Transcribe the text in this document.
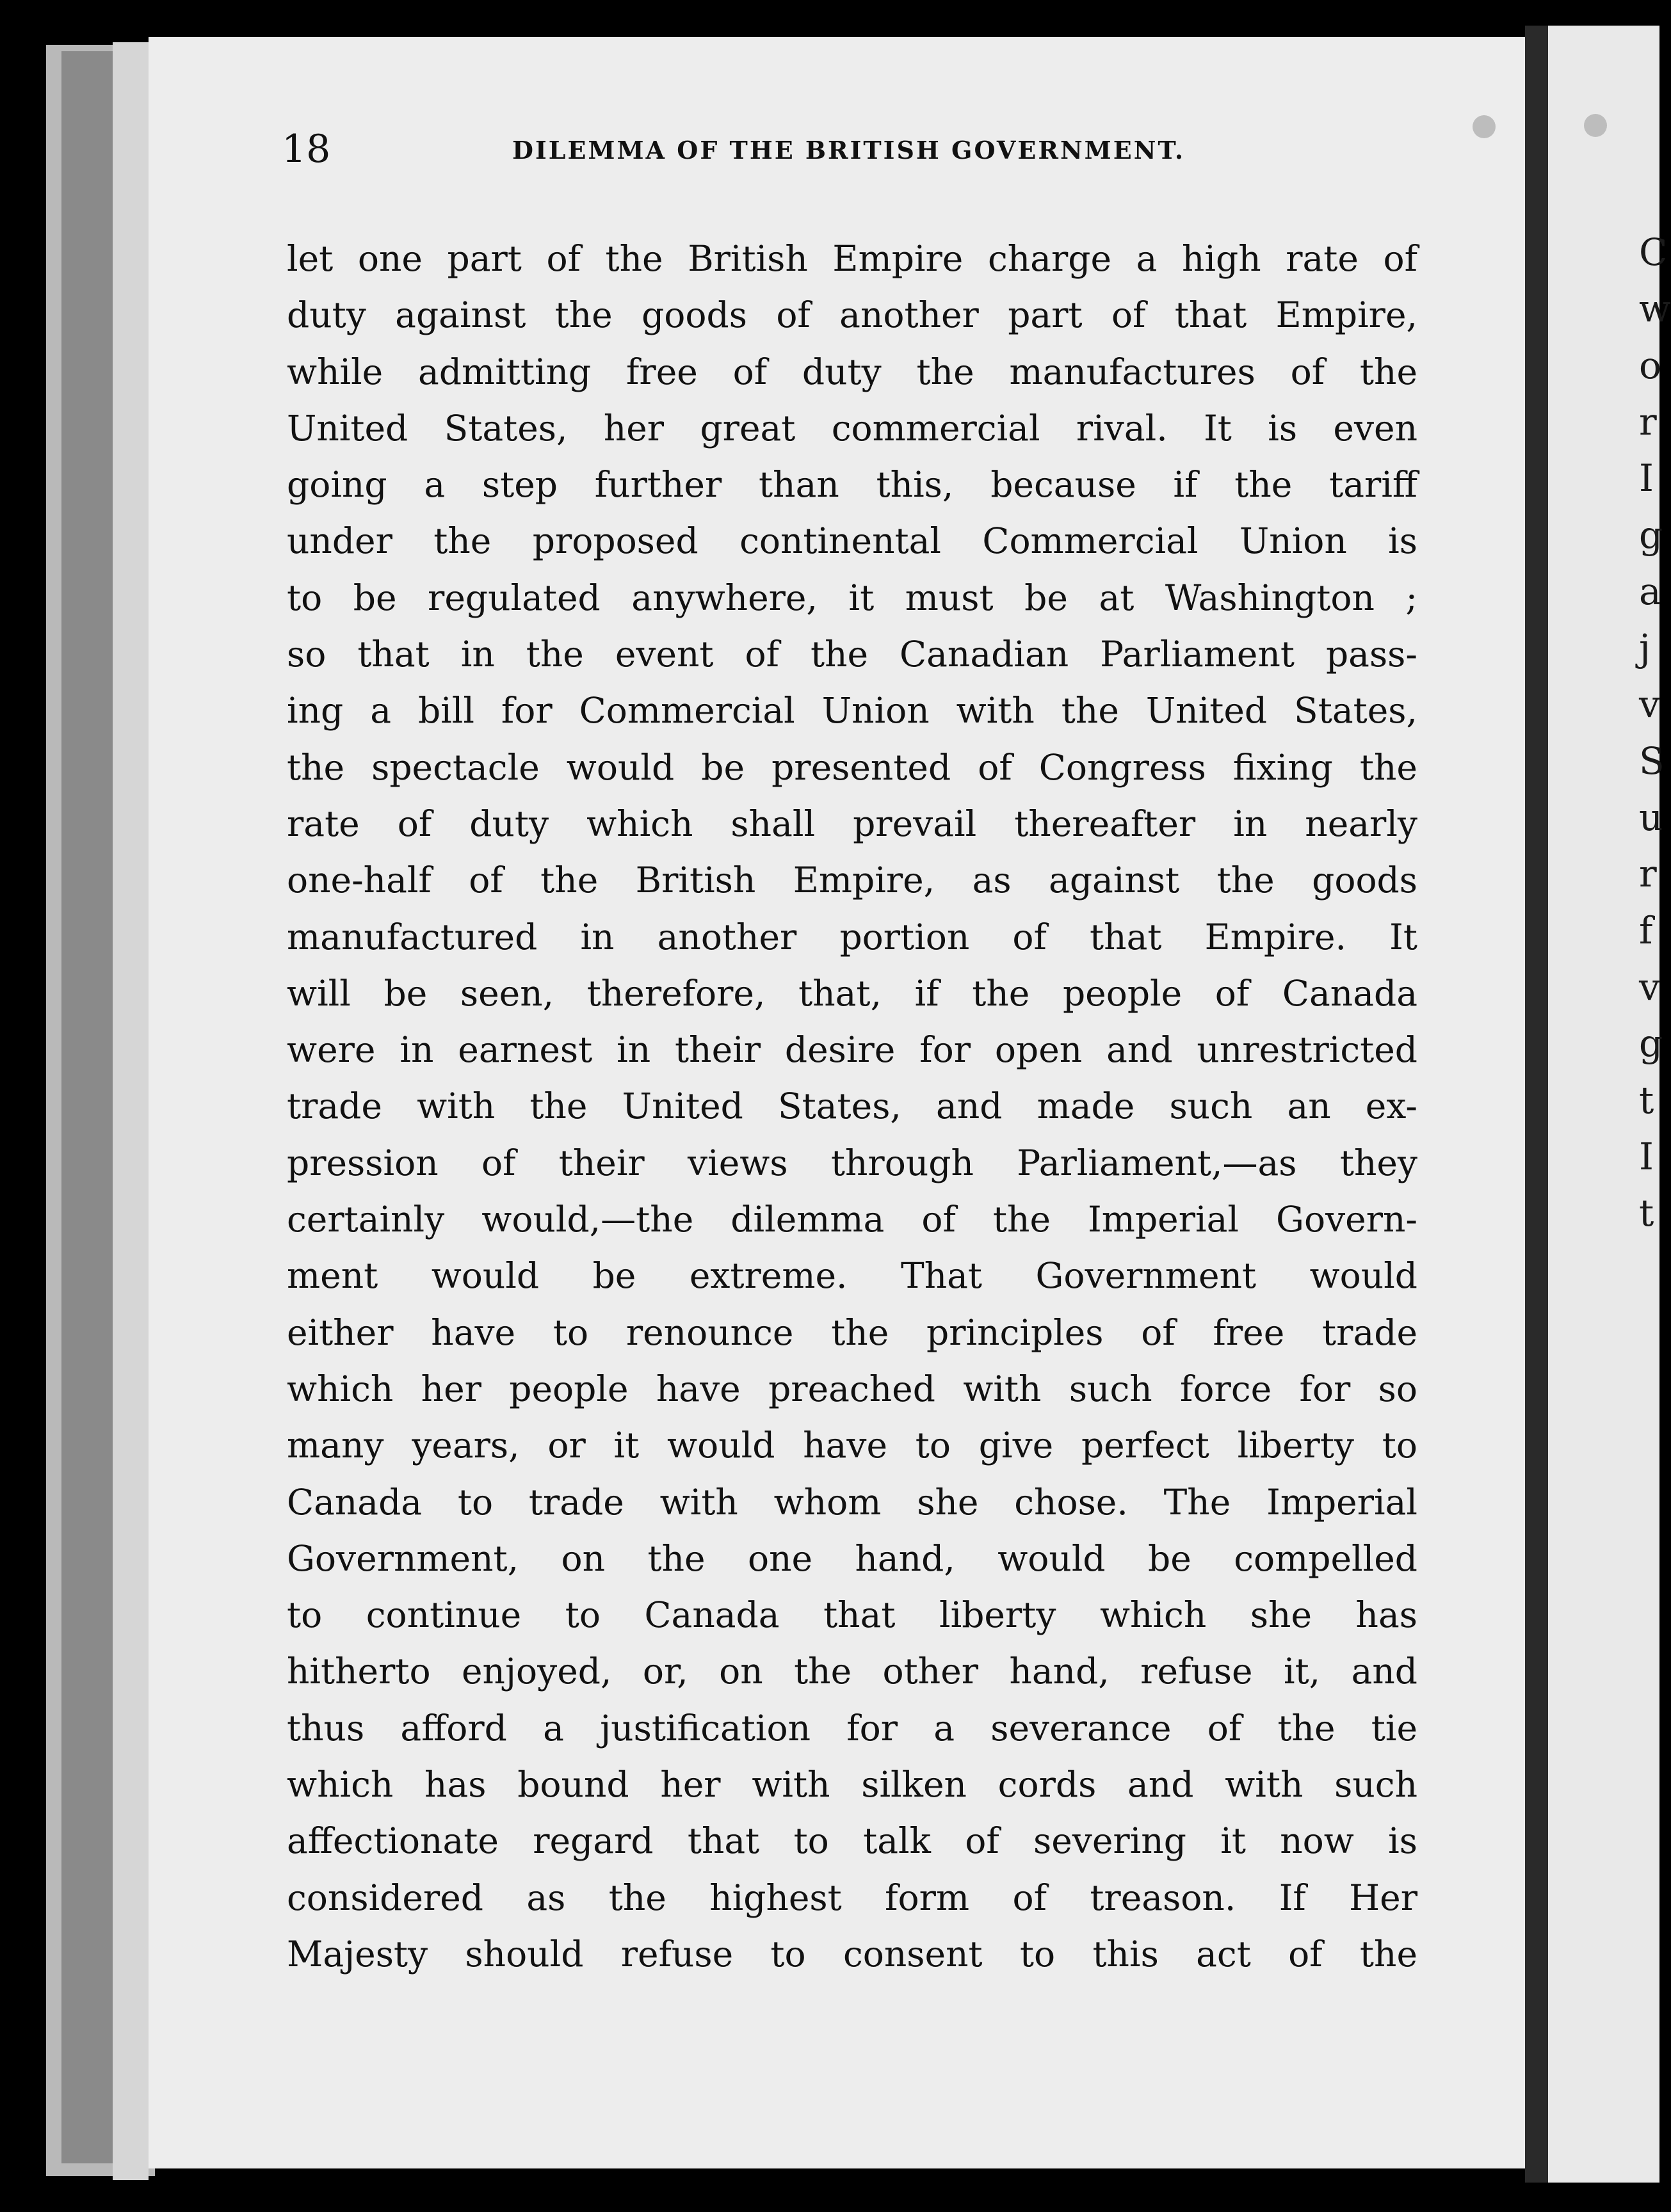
C
w
o
r
I
g
a
j
v
S
u
r
f
v
g
t
I
t
18	DILEMMA OF THE BRITISH GOVERNMENT.
let one part of the British Empire charge a high rate of
duty against the goods of another part of that Empire,
while admitting free of duty the manufactures of the
United States, her great commercial rival. It is even
going a step further than this, because if the tariff
under the proposed continental Commercial Union is
to be regulated anywhere, it must be at Washington ;
so that in the event of the Canadian Parliament pass-
ing a bill for Commercial Union with the United States,
the spectacle would be presented of Congress fixing the
rate of duty which shall prevail thereafter in nearly
one-half of the British Empire, as against the goods
manufactured in another portion of that Empire. It
will be seen, therefore, that, if the people of Canada
were in earnest in their desire for open and unrestricted
trade with the United States, and made such an ex-
pression of their views through Parliament,—as they
certainly would,—the dilemma of the Imperial Govern-
ment would be extreme. That Government would
either have to renounce the principles of free trade
which her people have preached with such force for so
many years, or it would have to give perfect liberty to
Canada to trade with whom she chose. The Imperial
Government, on the one hand, would be compelled
to continue to Canada that liberty which she has
hitherto enjoyed, or, on the other hand, refuse it, and
thus afford a justification for a severance of the tie
which has bound her with silken cords and with such
affectionate regard that to talk of severing it now is
considered as the highest form of treason. If Her
Majesty should refuse to consent to this act of the
